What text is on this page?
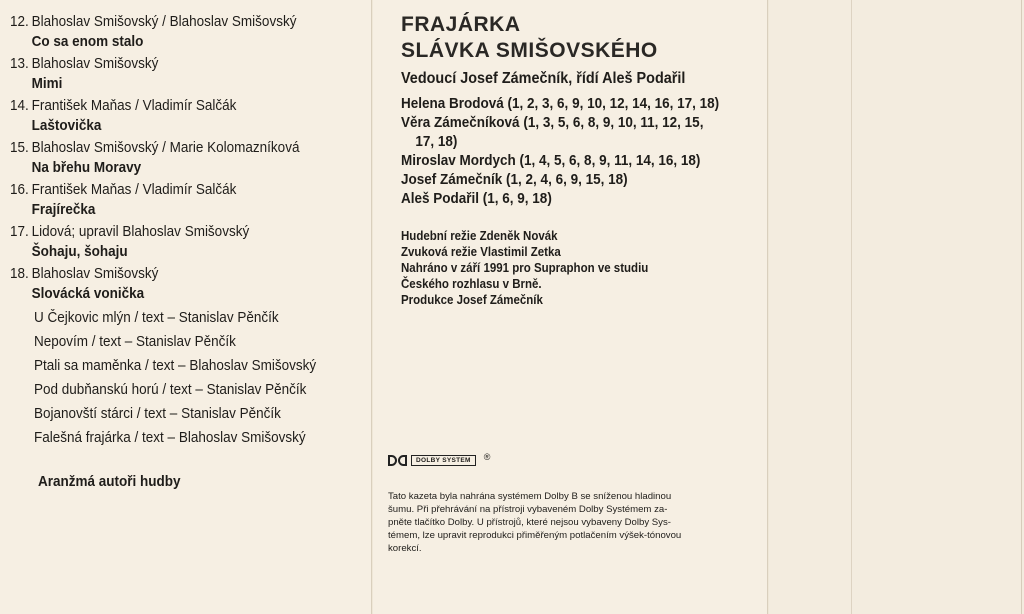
12. Blahoslav Smišovský / Blahoslav Smišovský
Co sa enom stalo
13. Blahoslav Smišovský
Mimi
14. František Maňas / Vladimír Salčák
Laštovička
15. Blahoslav Smišovský / Marie Kolomazníková
Na břehu Moravy
16. František Maňas / Vladimír Salčák
Frajírečka
17. Lidová; upravil Blahoslav Smišovský
Šohaju, šohaju
18. Blahoslav Smišovský
Slovácká vonička
U Čejkovic mlýn / text – Stanislav Pěnčík
Nepovím / text – Stanislav Pěnčík
Ptali sa maměnka / text – Blahoslav Smišovský
Pod dubňanskú horú / text – Stanislav Pěnčík
Bojanovští stárci / text – Stanislav Pěnčík
Falešná frajárka / text – Blahoslav Smišovský
Aranžmá autoři hudby
FRAJÁRKA
SLÁVKA SMIŠOVSKÉHO
Vedoucí Josef Zámečník, řídí Aleš Podařil
Helena Brodová (1, 2, 3, 6, 9, 10, 12, 14, 16, 17, 18)
Věra Zámečníková (1, 3, 5, 6, 8, 9, 10, 11, 12, 15,
17, 18)
Miroslav Mordych (1, 4, 5, 6, 8, 9, 11, 14, 16, 18)
Josef Zámečník (1, 2, 4, 6, 9, 15, 18)
Aleš Podařil (1, 6, 9, 18)
Hudební režie Zdeněk Novák
Zvuková režie Vlastimil Zetka
Nahráno v září 1991 pro Supraphon ve studiu
Českého rozhlasu v Brně.
Produkce Josef Zámečník
DOLBY SYSTEM	®
Tato kazeta byla nahrána systémem Dolby B se sníženou hladinou
šumu. Při přehrávání na přístroji vybaveném Dolby Systémem za-
pněte tlačítko Dolby. U přístrojů, které nejsou vybaveny Dolby Sys-
témem, lze upravit reprodukci přiměřeným potlačením výšek-tónovou
korekcí.
